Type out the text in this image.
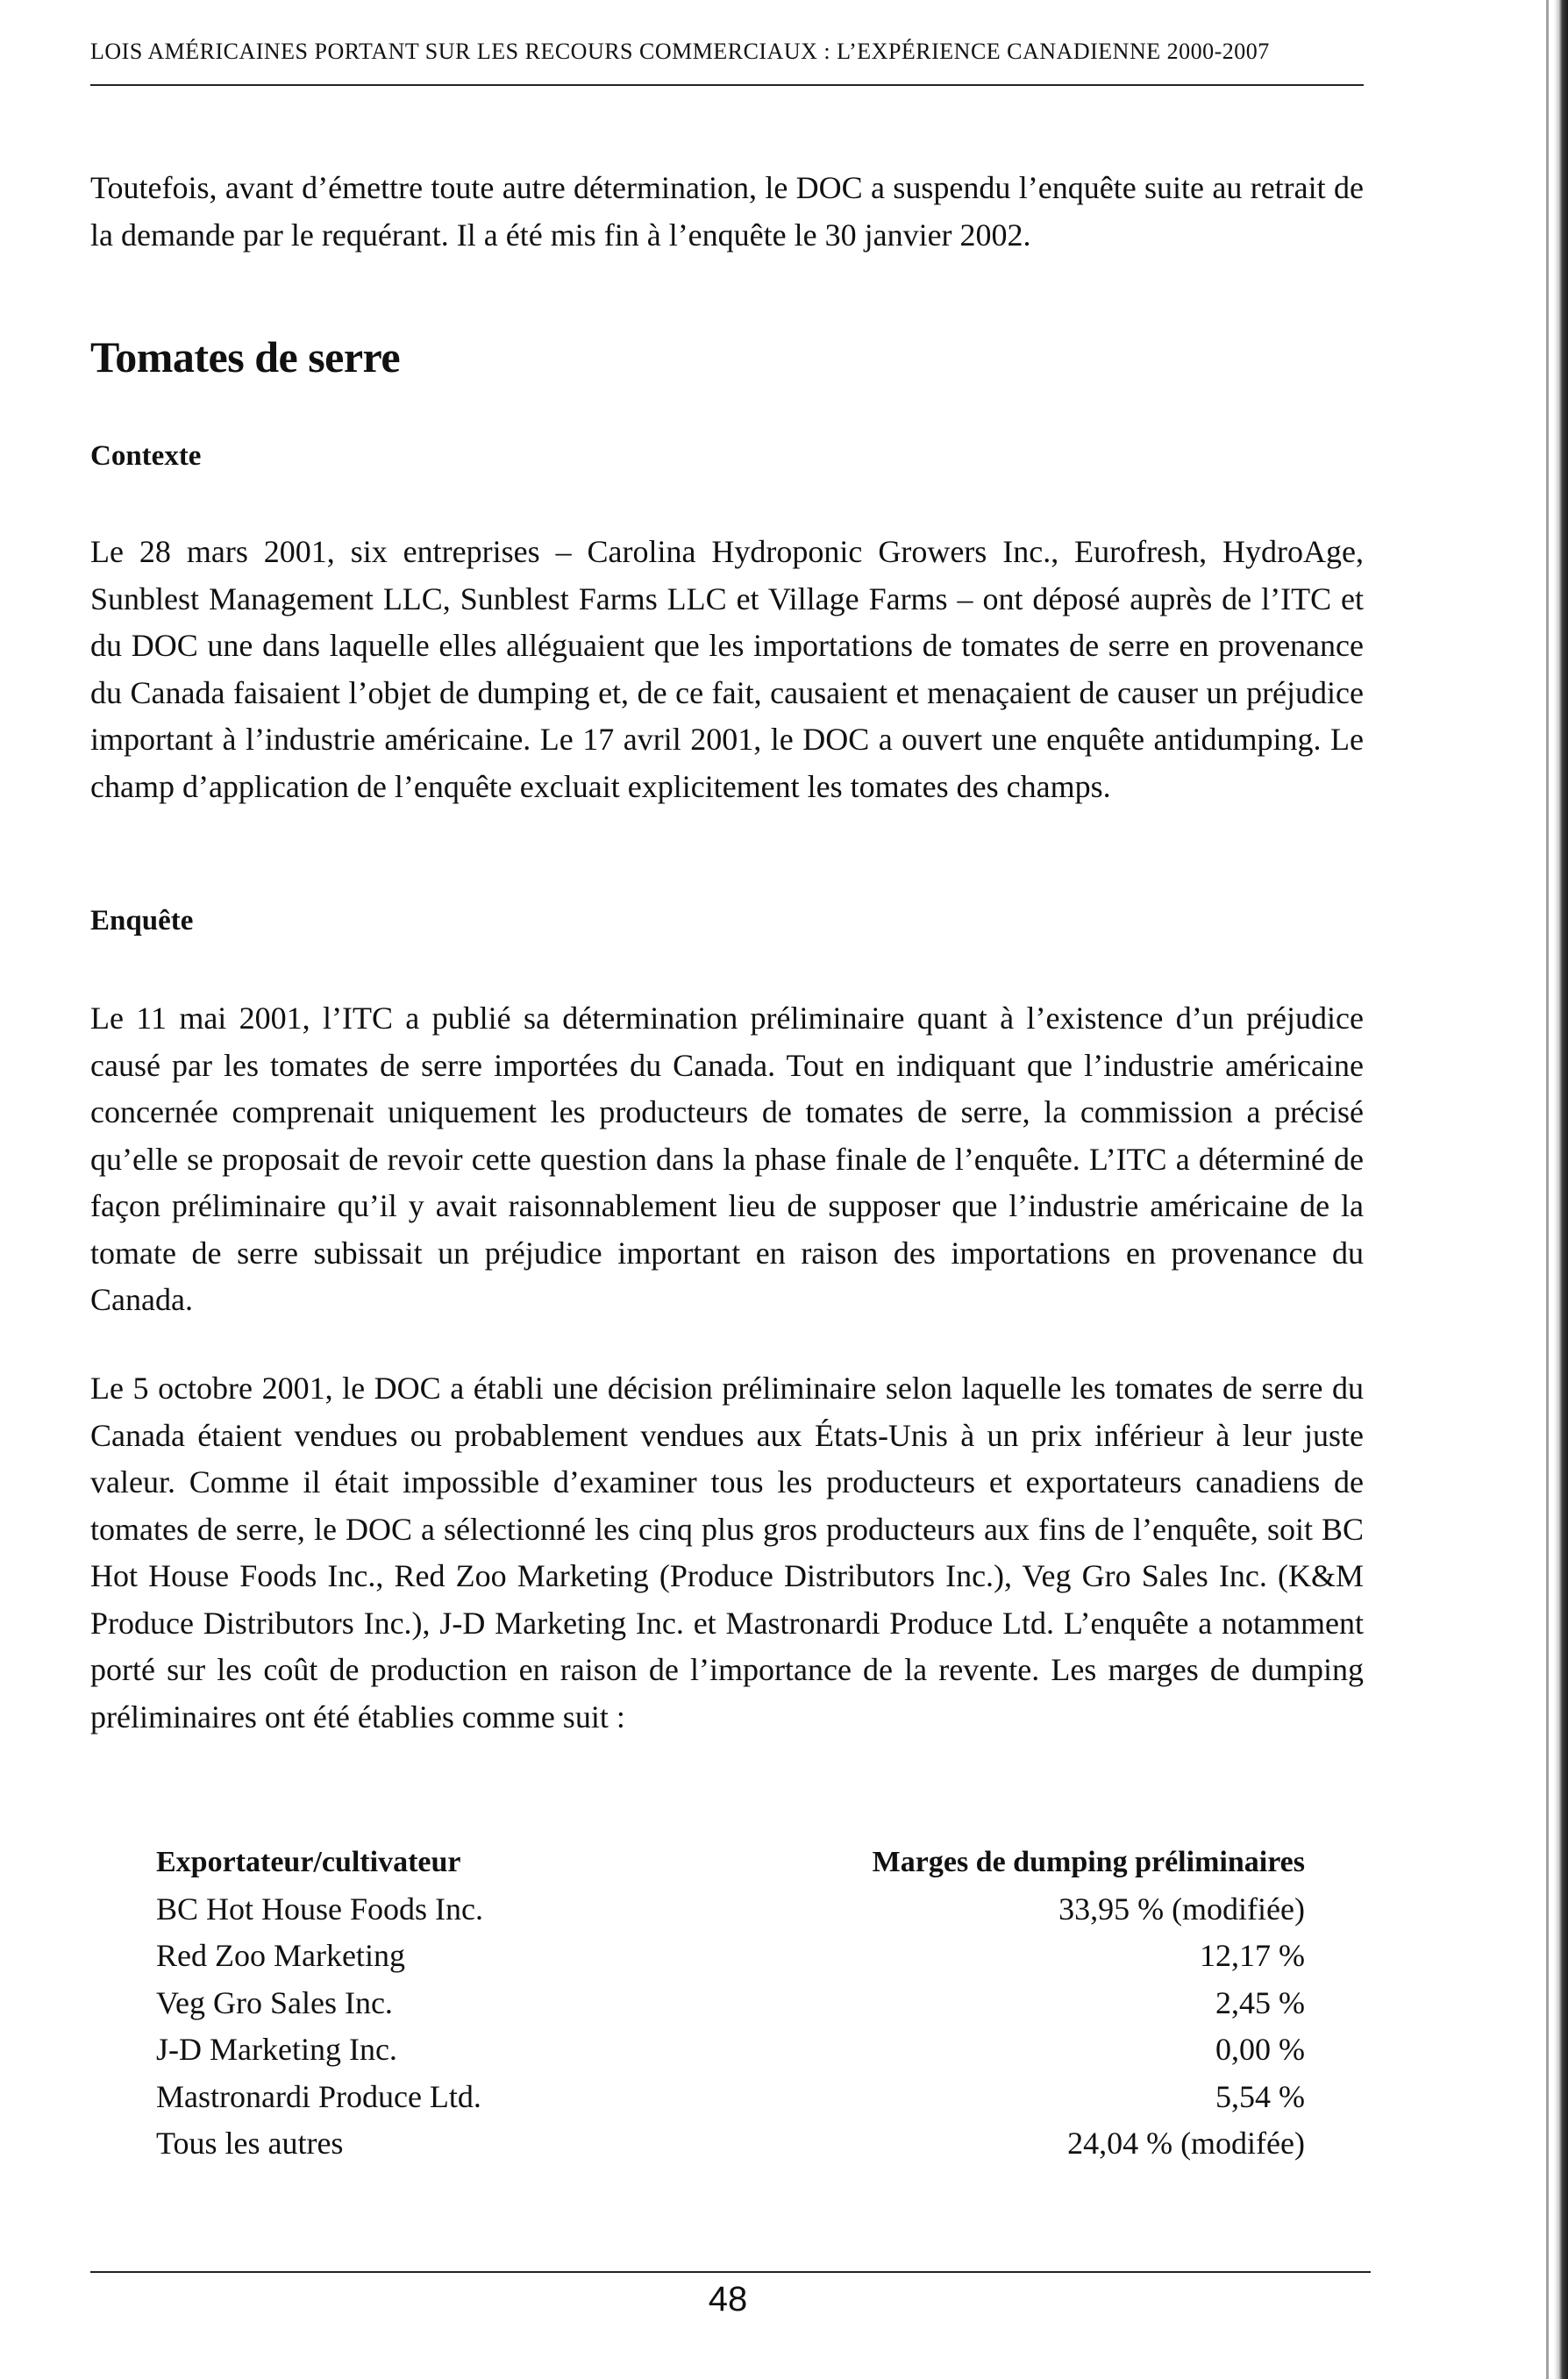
LOIS AMÉRICAINES PORTANT SUR LES RECOURS COMMERCIAUX : L’EXPÉRIENCE CANADIENNE 2000-2007

Toutefois, avant d’émettre toute autre détermination, le DOC a suspendu l’enquête suite au retrait de la demande par le requérant. Il a été mis fin à l’enquête le 30 janvier 2002.

Tomates de serre
Contexte

Le 28 mars 2001, six entreprises – Carolina Hydroponic Growers Inc., Eurofresh, HydroAge, Sunblest Management LLC, Sunblest Farms LLC et Village Farms – ont déposé auprès de l’ITC et du DOC une dans laquelle elles alléguaient que les importations de tomates de serre en provenance du Canada faisaient l’objet de dumping et, de ce fait, causaient et menaçaient de causer un préjudice important à l’industrie américaine. Le 17 avril 2001, le DOC a ouvert une enquête antidumping. Le champ d’application de l’enquête excluait explicitement les tomates des champs.

Enquête

Le 11 mai 2001, l’ITC a publié sa détermination préliminaire quant à l’existence d’un préjudice causé par les tomates de serre importées du Canada. Tout en indiquant que l’industrie américaine concernée comprenait uniquement les producteurs de tomates de serre, la commission a précisé qu’elle se proposait de revoir cette question dans la phase finale de l’enquête. L’ITC a déterminé de façon préliminaire qu’il y avait raisonnablement lieu de supposer que l’industrie américaine de la tomate de serre subissait un préjudice important en raison des importations en provenance du Canada.

Le 5 octobre 2001, le DOC a établi une décision préliminaire selon laquelle les tomates de serre du Canada étaient vendues ou probablement vendues aux États-Unis à un prix inférieur à leur juste valeur. Comme il était impossible d’examiner tous les producteurs et exportateurs canadiens de tomates de serre, le DOC a sélectionné les cinq plus gros producteurs aux fins de l’enquête, soit BC Hot House Foods Inc., Red Zoo Marketing (Produce Distributors Inc.), Veg Gro Sales Inc. (K&M Produce Distributors Inc.), J-D Marketing Inc. et Mastronardi Produce Ltd. L’enquête a notamment porté sur les coût de production en raison de l’importance de la revente. Les marges de dumping préliminaires ont été établies comme suit :

Exportateur/cultivateur	Marges de dumping préliminaires
BC Hot House Foods Inc.	33,95 % (modifiée)
Red Zoo Marketing	12,17 %
Veg Gro Sales Inc.	2,45 %
J-D Marketing Inc.	0,00 %
Mastronardi Produce Ltd.	5,54 %
Tous les autres	24,04 % (modifée)
48
